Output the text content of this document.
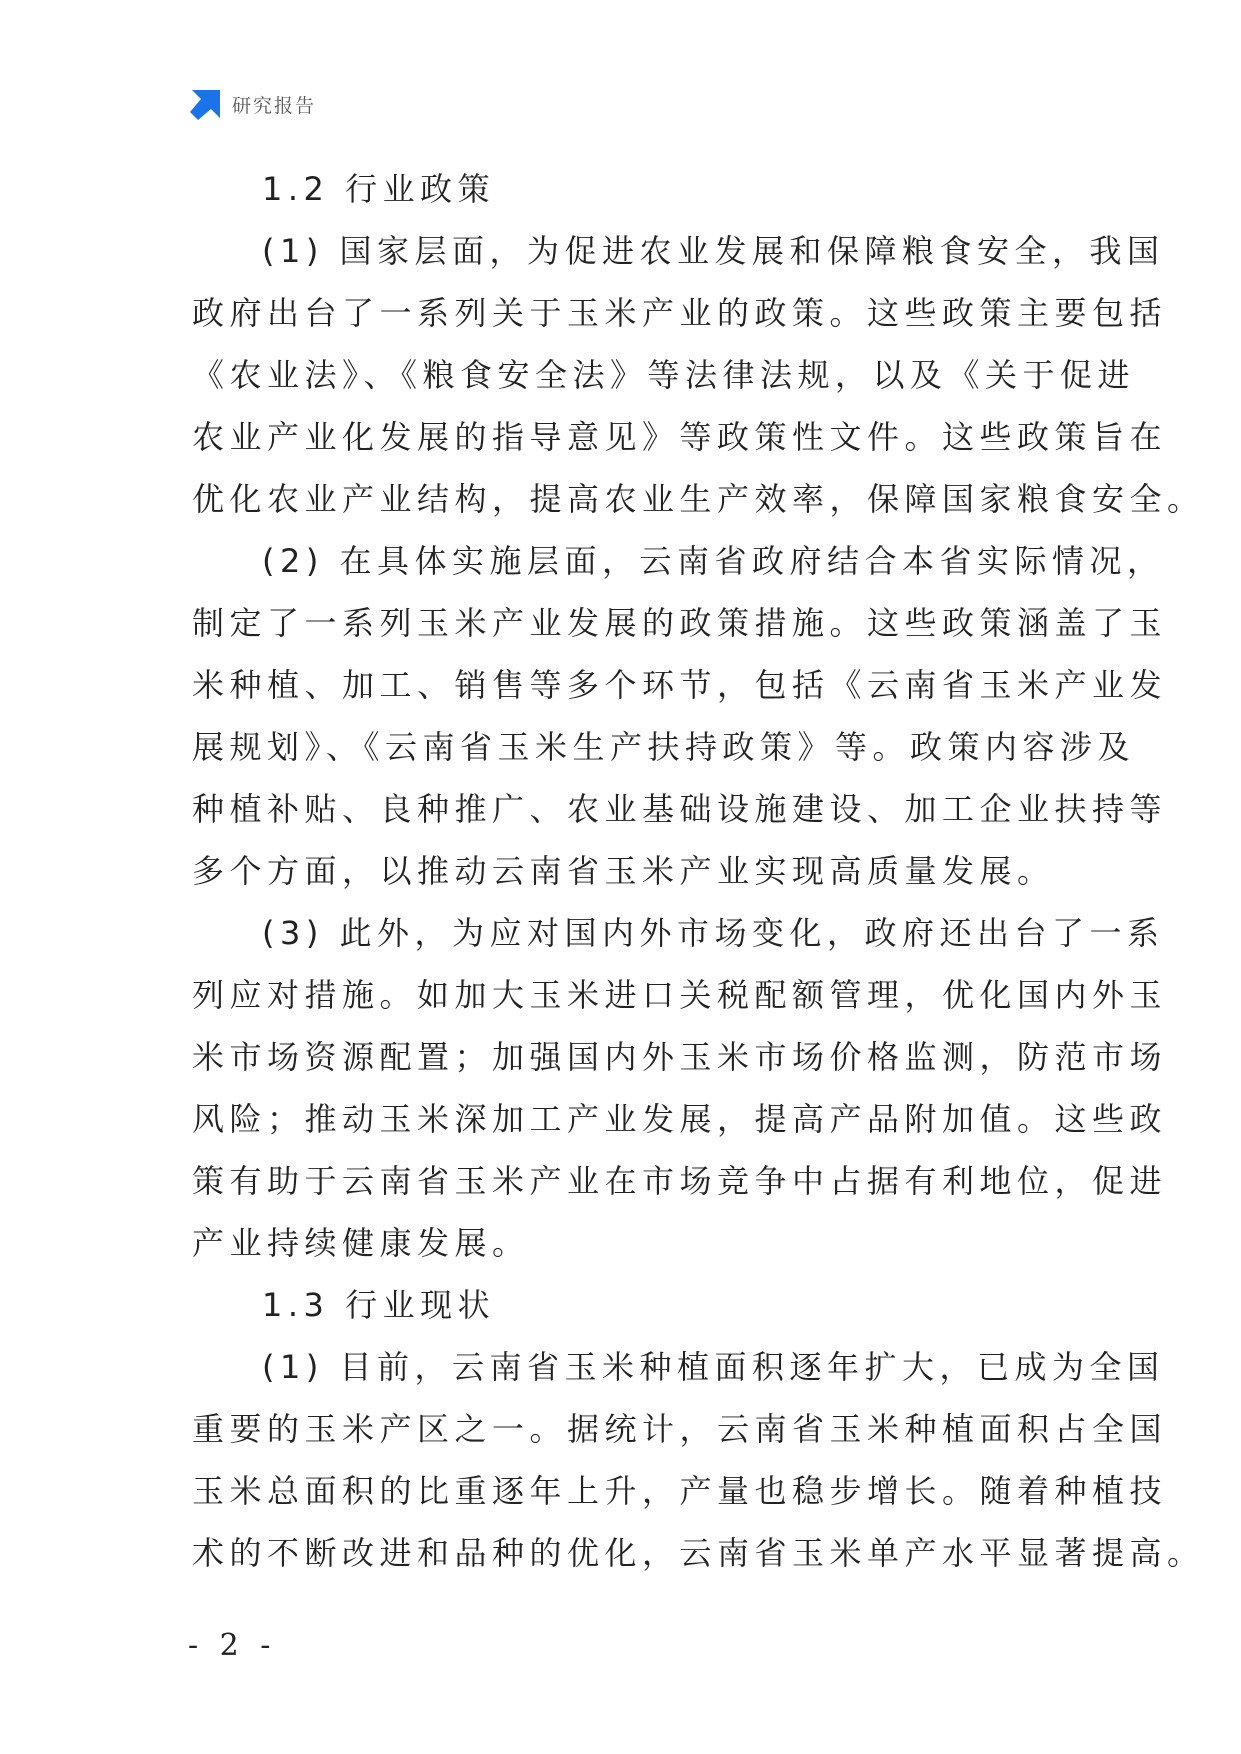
研究报告
1.2 行业政策
(1) 国家层面，为促进农业发展和保障粮食安全，我国
政府出台了一系列关于玉米产业的政策。这些政策主要包括
《农业法》、《粮食安全法》等法律法规，以及《关于促进
农业产业化发展的指导意见》等政策性文件。这些政策旨在
优化农业产业结构，提高农业生产效率，保障国家粮食安全。
(2) 在具体实施层面，云南省政府结合本省实际情况，
制定了一系列玉米产业发展的政策措施。这些政策涵盖了玉
米种植、加工、销售等多个环节，包括《云南省玉米产业发
展规划》、《云南省玉米生产扶持政策》等。政策内容涉及
种植补贴、良种推广、农业基础设施建设、加工企业扶持等
多个方面，以推动云南省玉米产业实现高质量发展。
(3) 此外，为应对国内外市场变化，政府还出台了一系
列应对措施。如加大玉米进口关税配额管理，优化国内外玉
米市场资源配置；加强国内外玉米市场价格监测，防范市场
风险；推动玉米深加工产业发展，提高产品附加值。这些政
策有助于云南省玉米产业在市场竞争中占据有利地位，促进
产业持续健康发展。
1.3 行业现状
(1) 目前，云南省玉米种植面积逐年扩大，已成为全国
重要的玉米产区之一。据统计，云南省玉米种植面积占全国
玉米总面积的比重逐年上升，产量也稳步增长。随着种植技
术的不断改进和品种的优化，云南省玉米单产水平显著提高。
- 2 -
